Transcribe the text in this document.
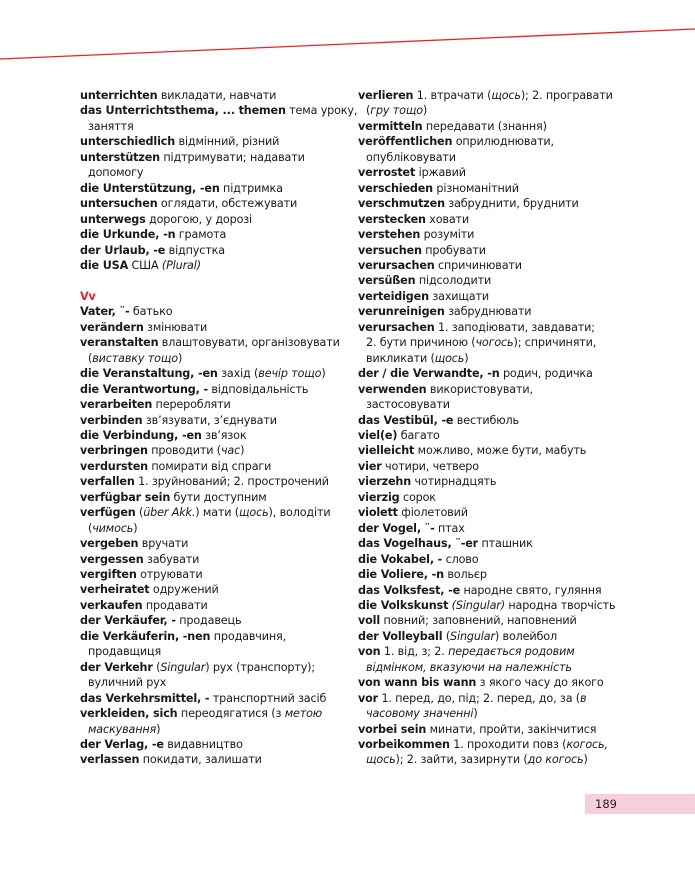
unterrichten викладати, навчати
das Unterrichtsthema, ... themen тема уроку,
заняття
unterschiedlich відмінний, різний
unterstützen підтримувати; надавати
допомогу
die Unterstützung, -en підтримка
untersuchen оглядати, обстежувати
unterwegs дорогою, у дорозі
die Urkunde, -n грамота
der Urlaub, -e відпустка
die USA США (Plural)
Vv
Vater, ¨- батько
verändern змінювати
veranstalten влаштовувати, організовувати
(виставку тощо)
die Veranstaltung, -en захід (вечір тощо)
die Verantwortung, - відповідальність
verarbeiten переробляти
verbinden зв’язувати, з’єднувати
die Verbindung, -en зв’язок
verbringen проводити (час)
verdursten помирати від спраги
verfallen 1. зруйнований; 2. прострочений
verfügbar sein бути доступним
verfügen (über Akk.) мати (щось), володіти
(чимось)
vergeben вручати
vergessen забувати
vergiften отруювати
verheiratet одружений
verkaufen продавати
der Verkäufer, - продавець
die Verkäuferin, -nen продавчиня,
продавщиця
der Verkehr (Singular) рух (транспорту);
вуличний рух
das Verkehrsmittel, - транспортний засіб
verkleiden, sich переодягатися (з метою
маскування)
der Verlag, -e видавництво
verlassen покидати, залишати
verlieren 1. втрачати (щось); 2. програвати
(гру тощо)
vermitteln передавати (знання)
veröffentlichen оприлюднювати,
опубліковувати
verrostet іржавий
verschieden різноманітний
verschmutzen забруднити, бруднити
verstecken ховати
verstehen розуміти
versuchen пробувати
verursachen спричинювати
versüßen підсолодити
verteidigen захищати
verunreinigen забруднювати
verursachen 1. заподіювати, завдавати;
2. бути причиною (чогось); спричиняти,
викликати (щось)
der / die Verwandte, -n родич, родичка
verwenden використовувати,
застосовувати
das Vestibül, -e вестибюль
viel(e) багато
vielleicht можливо, може бути, мабуть
vier чотири, четверо
vierzehn чотирнадцять
vierzig сорок
violett фіолетовий
der Vogel, ¨- птах
das Vogelhaus, ¨-er пташник
die Vokabel, - слово
die Voliere, -n вольєр
das Volksfest, -e народне свято, гуляння
die Volkskunst (Singular) народна творчість
voll повний; заповнений, наповнений
der Volleyball (Singular) волейбол
von 1. від, з; 2. передається родовим
відмінком, вказуючи на належність
von wann bis wann з якого часу до якого
vor 1. перед, до, під; 2. перед, до, за (в
часовому значенні)
vorbei sein минати, пройти, закінчитися
vorbeikommen 1. проходити повз (когось,
щось); 2. зайти, зазирнути (до когось)
189
